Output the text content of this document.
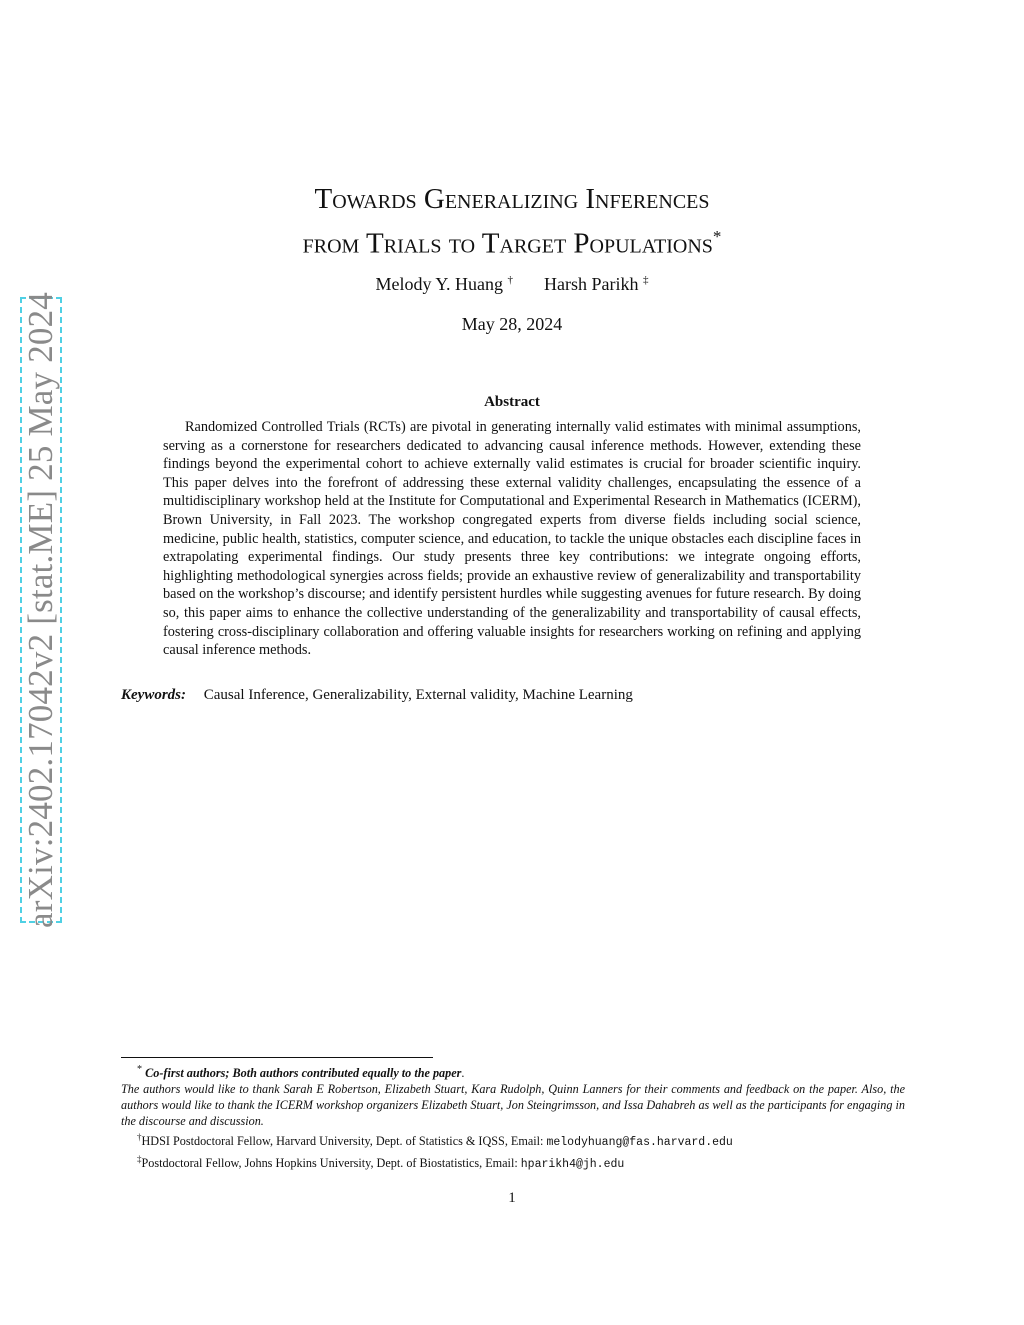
arXiv:2402.17042v2 [stat.ME] 25 May 2024
Towards Generalizing Inferences
from Trials to Target Populations*
Melody Y. Huang † Harsh Parikh ‡
May 28, 2024
Abstract
Randomized Controlled Trials (RCTs) are pivotal in generating internally valid estimates with minimal assumptions, serving as a cornerstone for researchers dedicated to advancing causal inference methods. However, extending these findings beyond the experimental cohort to achieve externally valid estimates is crucial for broader scientific inquiry. This paper delves into the forefront of addressing these external validity challenges, encapsulating the essence of a multidisciplinary workshop held at the Institute for Computational and Experimental Research in Mathematics (ICERM), Brown University, in Fall 2023. The workshop congregated experts from diverse fields including social science, medicine, public health, statistics, computer science, and education, to tackle the unique obstacles each discipline faces in extrapolating experimental findings. Our study presents three key contributions: we integrate ongoing efforts, highlighting methodological synergies across fields; provide an exhaustive review of generalizability and transportability based on the workshop’s discourse; and identify persistent hurdles while suggesting avenues for future research. By doing so, this paper aims to enhance the collective understanding of the generalizability and transportability of causal effects, fostering cross-disciplinary collaboration and offering valuable insights for researchers working on refining and applying causal inference methods.
Keywords: Causal Inference, Generalizability, External validity, Machine Learning
* Co-first authors; Both authors contributed equally to the paper.
The authors would like to thank Sarah E Robertson, Elizabeth Stuart, Kara Rudolph, Quinn Lanners for their comments and feedback on the paper. Also, the authors would like to thank the ICERM workshop organizers Elizabeth Stuart, Jon Steingrimsson, and Issa Dahabreh as well as the participants for engaging in the discourse and discussion.
†HDSI Postdoctoral Fellow, Harvard University, Dept. of Statistics & IQSS, Email: melodyhuang@fas.harvard.edu
‡Postdoctoral Fellow, Johns Hopkins University, Dept. of Biostatistics, Email: hparikh4@jh.edu
1
